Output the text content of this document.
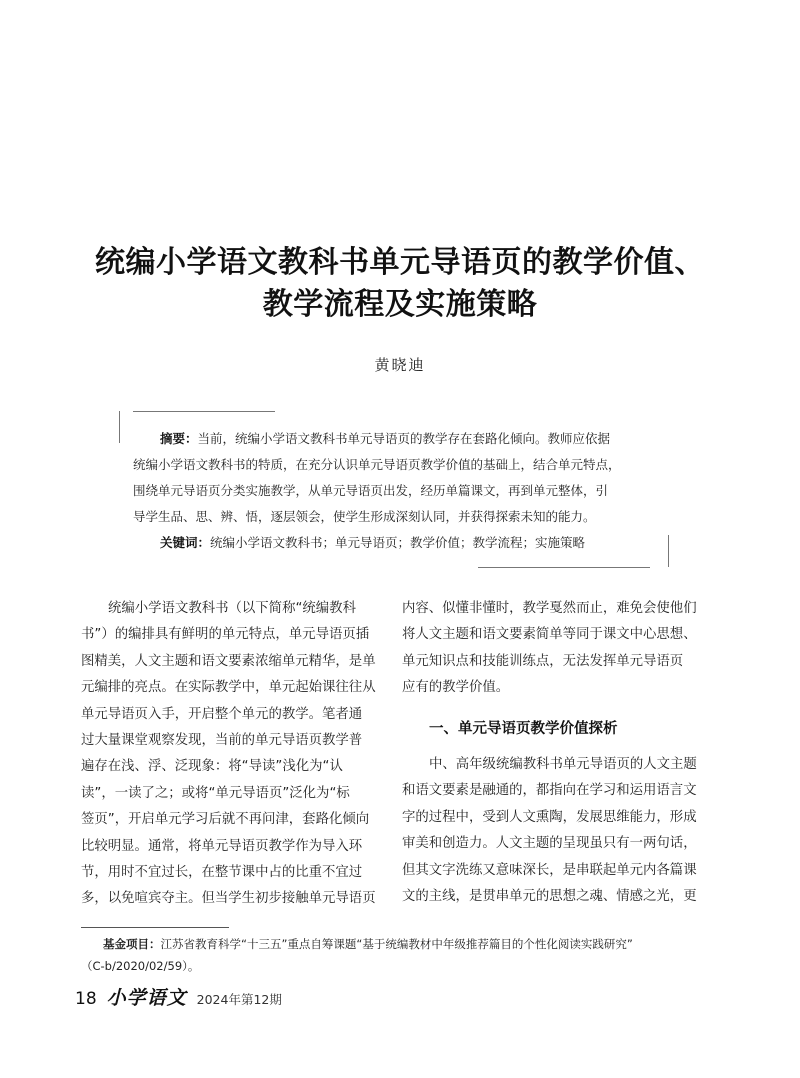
统编小学语文教科书单元导语页的教学价值、
教学流程及实施策略
黄晓迪
摘要：当前，统编小学语文教科书单元导语页的教学存在套路化倾向。教师应依据
统编小学语文教科书的特质，在充分认识单元导语页教学价值的基础上，结合单元特点，
围绕单元导语页分类实施教学，从单元导语页出发，经历单篇课文，再到单元整体，引
导学生品、思、辨、悟，逐层领会，使学生形成深刻认同，并获得探索未知的能力。
关键词：统编小学语文教科书；单元导语页；教学价值；教学流程；实施策略
统编小学语文教科书（以下简称“统编教科
书”）的编排具有鲜明的单元特点，单元导语页插
图精美，人文主题和语文要素浓缩单元精华，是单
元编排的亮点。在实际教学中，单元起始课往往从
单元导语页入手，开启整个单元的教学。笔者通
过大量课堂观察发现，当前的单元导语页教学普
遍存在浅、浮、泛现象：将“导读”浅化为“认
读”，一读了之；或将“单元导语页”泛化为“标
签页”，开启单元学习后就不再问津，套路化倾向
比较明显。通常，将单元导语页教学作为导入环
节，用时不宜过长，在整节课中占的比重不宜过
多，以免喧宾夺主。但当学生初步接触单元导语页
内容、似懂非懂时，教学戛然而止，难免会使他们
将人文主题和语文要素简单等同于课文中心思想、
单元知识点和技能训练点，无法发挥单元导语页
应有的教学价值。
一、单元导语页教学价值探析
中、高年级统编教科书单元导语页的人文主题
和语文要素是融通的，都指向在学习和运用语言文
字的过程中，受到人文熏陶，发展思维能力，形成
审美和创造力。人文主题的呈现虽只有一两句话，
但其文字洗练又意味深长，是串联起单元内各篇课
文的主线，是贯串单元的思想之魂、情感之光，更
基金项目：江苏省教育科学“十三五”重点自筹课题“基于统编教材中年级推荐篇目的个性化阅读实践研究”
（C-b/2020/02/59）。
18 小学语文 2024年第12期
